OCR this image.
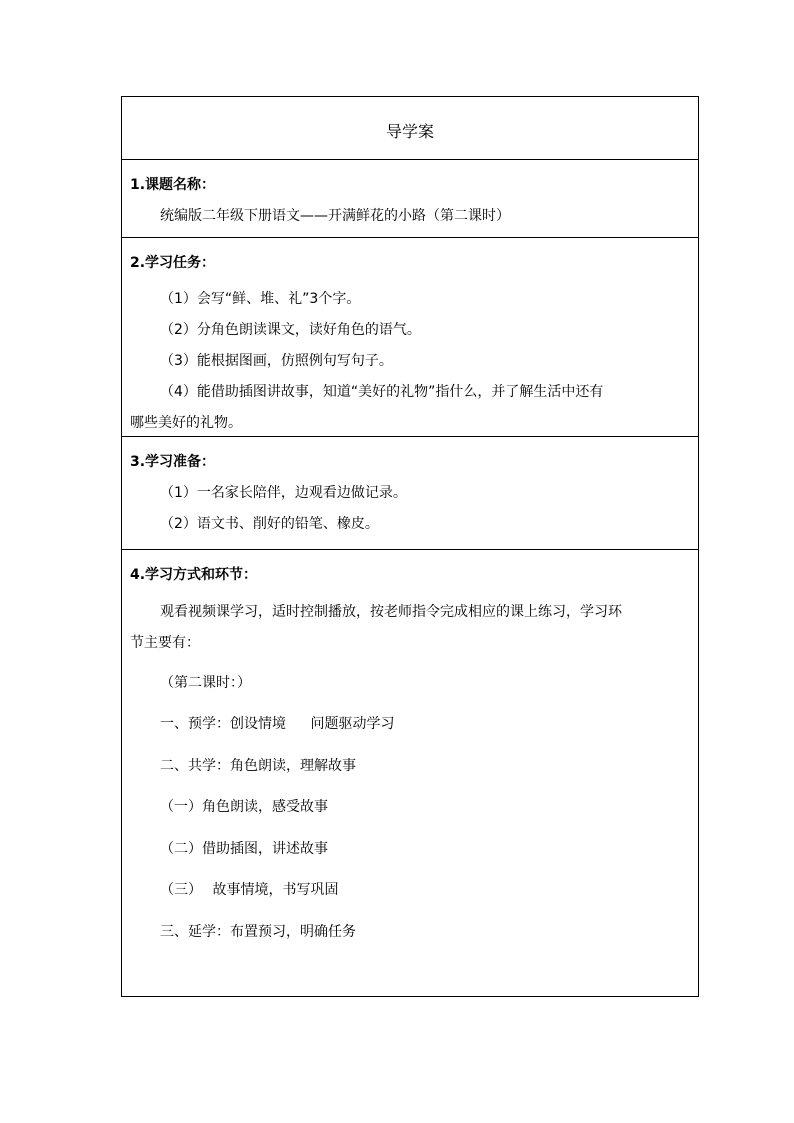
导学案
1.课题名称：
统编版二年级下册语文——开满鲜花的小路（第二课时）
2.学习任务：
（1）会写“鲜、堆、礼”3个字。
（2）分角色朗读课文，读好角色的语气。
（3）能根据图画，仿照例句写句子。
（4）能借助插图讲故事，知道“美好的礼物”指什么，并了解生活中还有
哪些美好的礼物。
3.学习准备：
（1）一名家长陪伴，边观看边做记录。
（2）语文书、削好的铅笔、橡皮。
4.学习方式和环节：
观看视频课学习，适时控制播放，按老师指令完成相应的课上练习，学习环
节主要有：
（第二课时：）
一、预学：创设情境 问题驱动学习
二、共学：角色朗读，理解故事
（一）角色朗读，感受故事
（二）借助插图，讲述故事
（三） 故事情境，书写巩固
三、延学：布置预习，明确任务
